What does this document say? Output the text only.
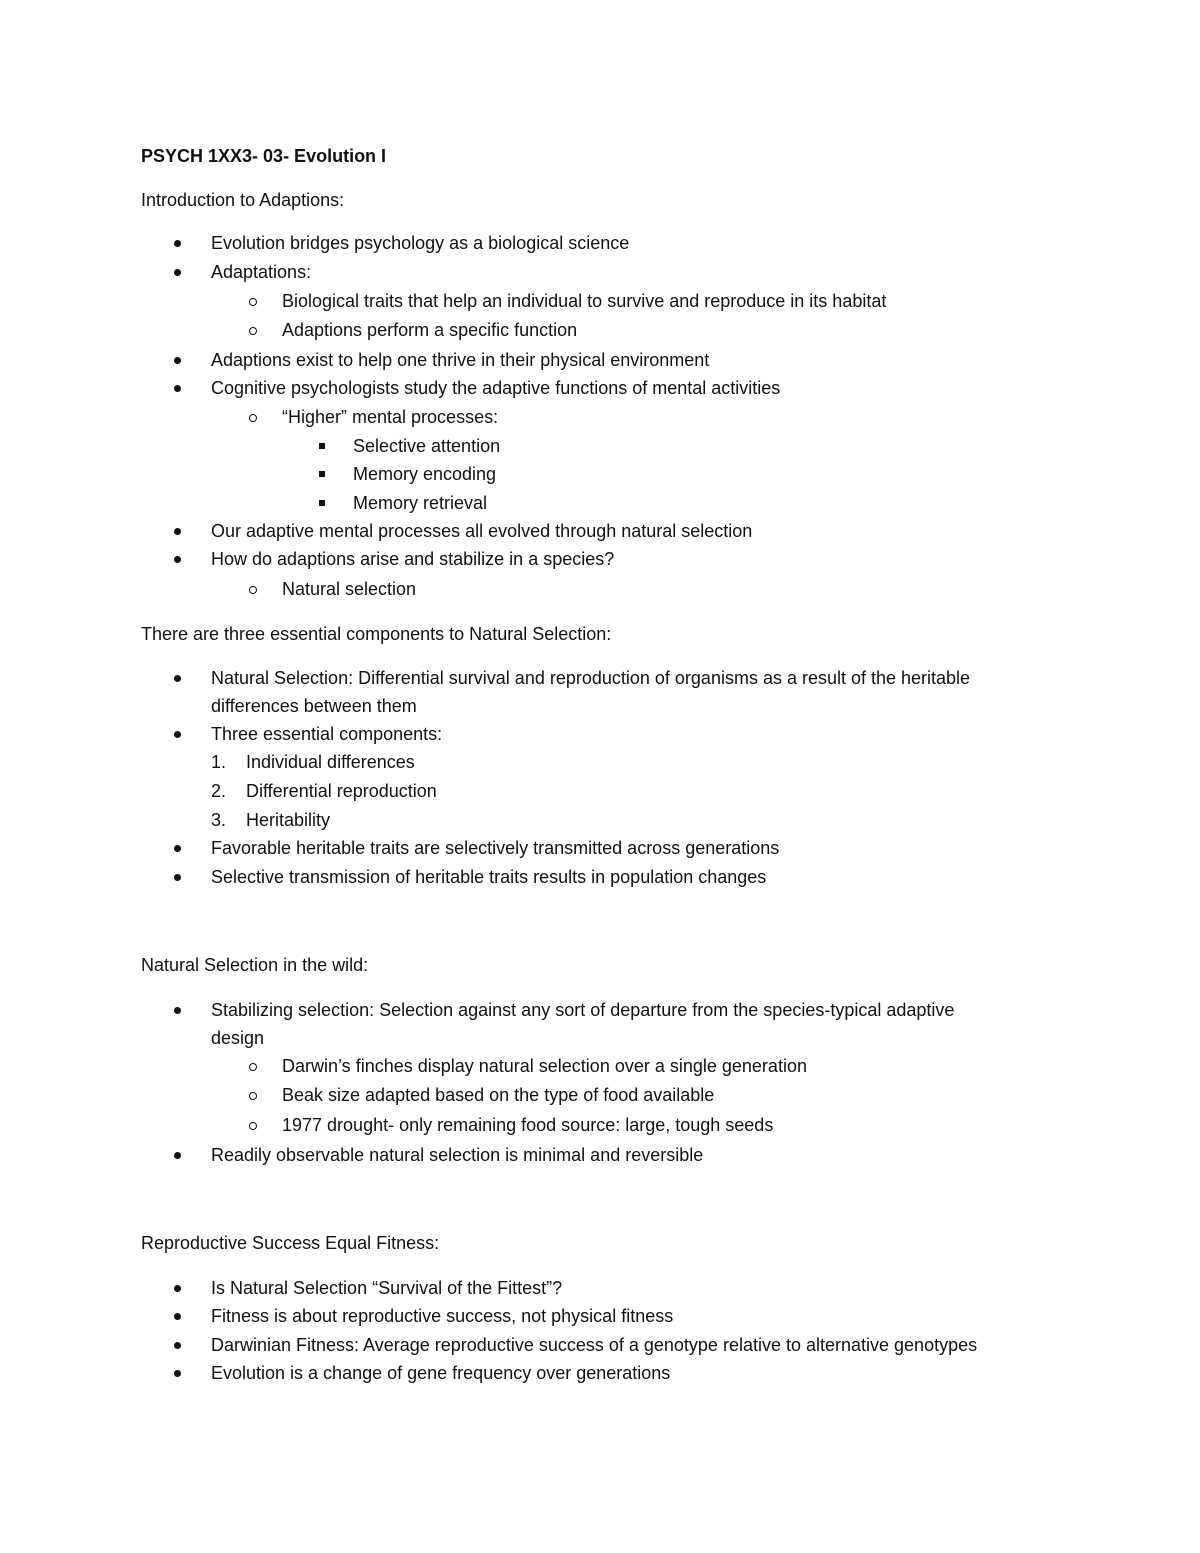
PSYCH 1XX3- 03- Evolution I
Introduction to Adaptions:
Evolution bridges psychology as a biological science
Adaptations:
Biological traits that help an individual to survive and reproduce in its habitat
Adaptions perform a specific function
Adaptions exist to help one thrive in their physical environment
Cognitive psychologists study the adaptive functions of mental activities
“Higher” mental processes:
Selective attention
Memory encoding
Memory retrieval
Our adaptive mental processes all evolved through natural selection
How do adaptions arise and stabilize in a species?
Natural selection
There are three essential components to Natural Selection:
Natural Selection: Differential survival and reproduction of organisms as a result of the heritable
differences between them
Three essential components:
1. Individual differences
2. Differential reproduction
3. Heritability
Favorable heritable traits are selectively transmitted across generations
Selective transmission of heritable traits results in population changes
Natural Selection in the wild:
Stabilizing selection: Selection against any sort of departure from the species-typical adaptive
design
Darwin’s finches display natural selection over a single generation
Beak size adapted based on the type of food available
1977 drought- only remaining food source: large, tough seeds
Readily observable natural selection is minimal and reversible
Reproductive Success Equal Fitness:
Is Natural Selection “Survival of the Fittest”?
Fitness is about reproductive success, not physical fitness
Darwinian Fitness: Average reproductive success of a genotype relative to alternative genotypes
Evolution is a change of gene frequency over generations
